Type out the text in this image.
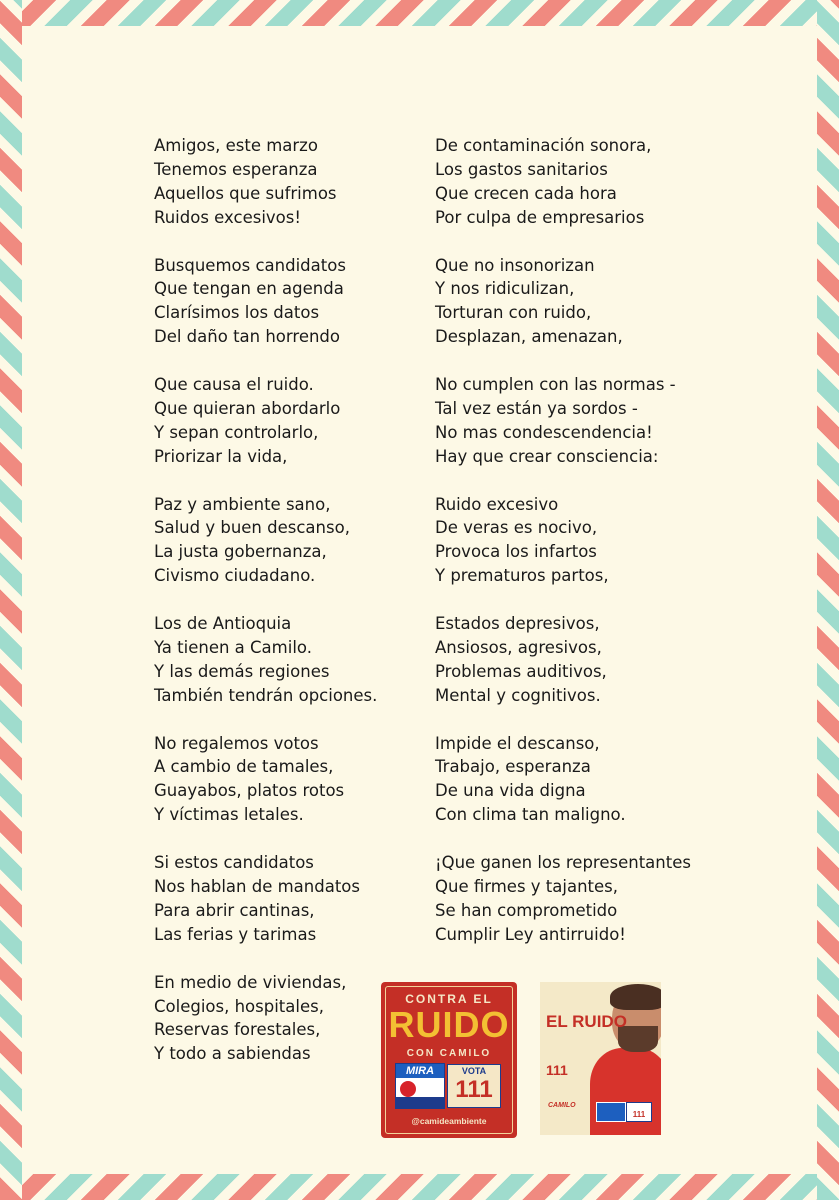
Amigos, este marzo
Tenemos esperanza
Aquellos que sufrimos
Ruidos excesivos!
Busquemos candidatos
Que tengan en agenda
Clarísimos los datos
Del daño tan horrendo
Que causa el ruido.
Que quieran abordarlo
Y sepan controlarlo,
Priorizar la vida,
Paz y ambiente sano,
Salud y buen descanso,
La justa gobernanza,
Civismo ciudadano.
Los de Antioquia
Ya tienen a Camilo.
Y las demás regiones
También tendrán opciones.
No regalemos votos
A cambio de tamales,
Guayabos, platos rotos
Y víctimas letales.
Si estos candidatos
Nos hablan de mandatos
Para abrir cantinas,
Las ferias y tarimas
En medio de viviendas,
Colegios, hospitales,
Reservas forestales,
Y todo a sabiendas
De contaminación sonora,
Los gastos sanitarios
Que crecen cada hora
Por culpa de empresarios
Que no insonorizan
Y nos ridiculizan,
Torturan con ruido,
Desplazan, amenazan,
No cumplen con las normas -
Tal vez están ya sordos -
No mas condescendencia!
Hay que crear consciencia:
Ruido excesivo
De veras es nocivo,
Provoca los infartos
Y prematuros partos,
Estados depresivos,
Ansiosos, agresivos,
Problemas auditivos,
Mental y cognitivos.
Impide el descanso,
Trabajo, esperanza
De una vida digna
Con clima tan maligno.
¡Que ganen los representantes
Que firmes y tajantes,
Se han comprometido
Cumplir Ley antirruido!
CONTRA EL
RUIDO
CON CAMILO
MIRA	VOTA
111
@camideambiente
EL RUIDO
111
CAMILO
111
